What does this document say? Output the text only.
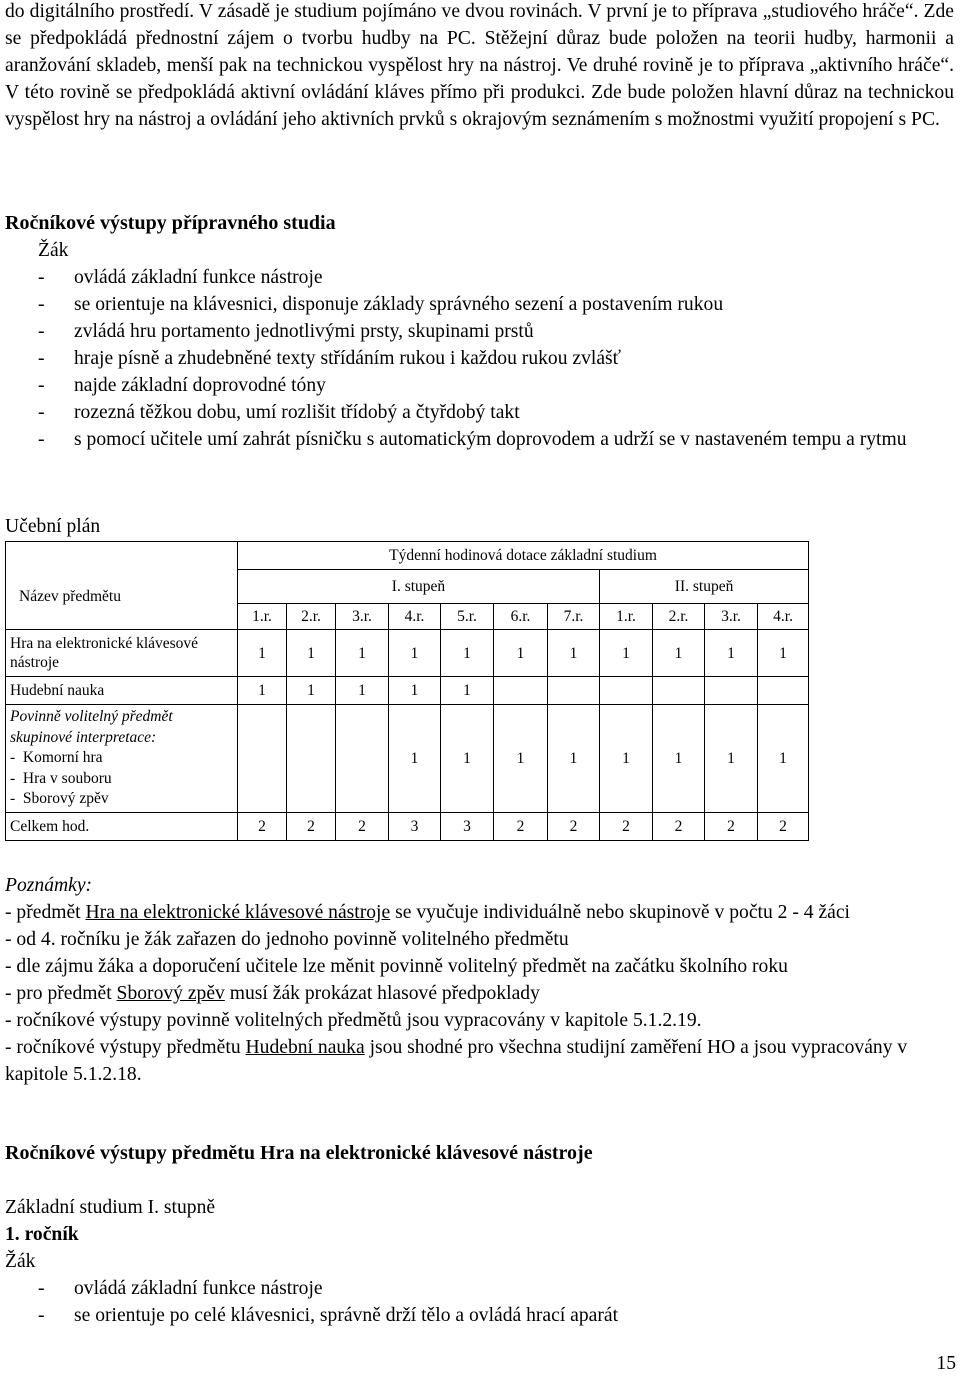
do digitálního prostředí. V zásadě je studium pojímáno ve dvou rovinách. V první je to příprava „studiového hráče“. Zde se předpokládá přednostní zájem o tvorbu hudby na PC. Stěžejní důraz bude položen na teorii hudby, harmonii a aranžování skladeb, menší pak na technickou vyspělost hry na nástroj. Ve druhé rovině je to příprava „aktivního hráče“. V této rovině se předpokládá aktivní ovládání kláves přímo při produkci. Zde bude položen hlavní důraz na technickou vyspělost hry na nástroj a ovládání jeho aktivních prvků s okrajovým seznámením s možnostmi využití propojení s PC.
Ročníkové výstupy přípravného studia
Žák
- ovládá základní funkce nástroje
- se orientuje na klávesnici, disponuje základy správného sezení a postavením rukou
- zvládá hru portamento jednotlivými prsty, skupinami prstů
- hraje písně a zhudebněné texty střídáním rukou i každou rukou zvlášť
- najde základní doprovodné tóny
- rozezná těžkou dobu, umí rozlišit třídobý a čtyřdobý takt
- s pomocí učitele umí zahrát písničku s automatickým doprovodem a udrží se v nastaveném tempu a rytmu
Učební plán
Název předmětu	Týdenní hodinová dotace základní studium										
	I. stupeň							II. stupeň			
	1.r.	2.r.	3.r.	4.r.	5.r.	6.r.	7.r.	1.r.	2.r.	3.r.	4.r.
Hra na elektronické klávesové nástroje	1	1	1	1	1	1	1	1	1	1	1
Hudební nauka	1	1	1	1	1						

Povinně volitelný předmět skupinové interpretace:
-  Komorní hra
-  Hra v souboru
-  Sborový zpěv				1	1	1	1	1	1	1	1
Celkem hod.	2	2	2	3	3	2	2	2	2	2	2
Poznámky:
- předmět Hra na elektronické klávesové nástroje se vyučuje individuálně nebo skupinově v počtu 2 - 4 žáci
- od 4. ročníku je žák zařazen do jednoho povinně volitelného předmětu
- dle zájmu žáka a doporučení učitele lze měnit povinně volitelný předmět na začátku školního roku
- pro předmět Sborový zpěv musí žák prokázat hlasové předpoklady
- ročníkové výstupy povinně volitelných předmětů jsou vypracovány v kapitole 5.1.2.19.
- ročníkové výstupy předmětu Hudební nauka jsou shodné pro všechna studijní zaměření HO a jsou vypracovány v kapitole 5.1.2.18.
Ročníkové výstupy předmětu Hra na elektronické klávesové nástroje
Základní studium I. stupně
1. ročník
Žák
- ovládá základní funkce nástroje
- se orientuje po celé klávesnici, správně drží tělo a ovládá hrací aparát
15
